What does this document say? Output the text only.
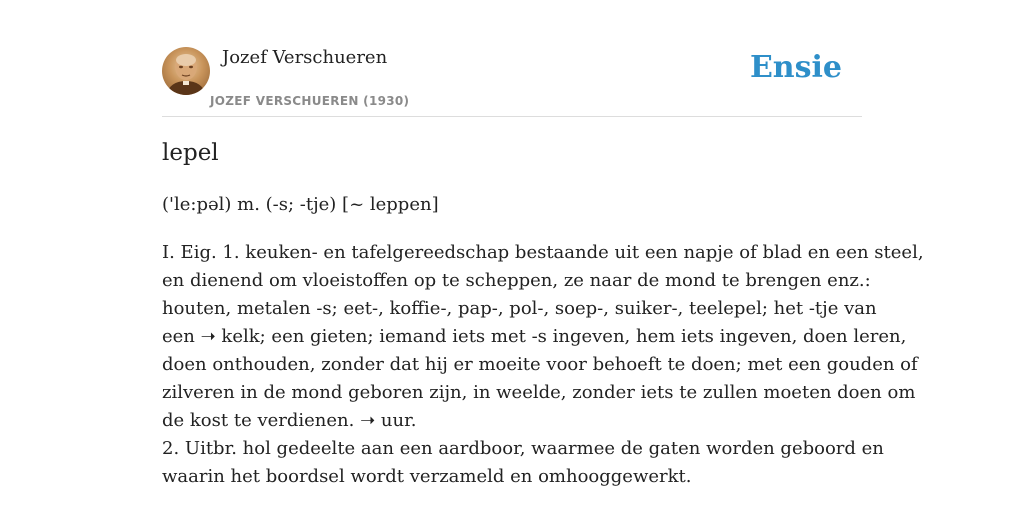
Jozef Verschueren
JOZEF VERSCHUEREN (1930)
Ensie
lepel
('le:pəl) m. (-s; -tje) [~ leppen]
I. Eig. 1. keuken- en tafelgereedschap bestaande uit een napje of blad en een steel,
en dienend om vloeistoffen op te scheppen, ze naar de mond te brengen enz.:
houten, metalen -s; eet-, koffie-, pap-, pol-, soep-, suiker-, teelepel; het -tje van
een ➝ kelk; een gieten; iemand iets met -s ingeven, hem iets ingeven, doen leren,
doen onthouden, zonder dat hij er moeite voor behoeft te doen; met een gouden of
zilveren in de mond geboren zijn, in weelde, zonder iets te zullen moeten doen om
de kost te verdienen. ➝ uur.
2. Uitbr. hol gedeelte aan een aardboor, waarmee de gaten worden geboord en
waarin het boordsel wordt verzameld en omhooggewerkt.
